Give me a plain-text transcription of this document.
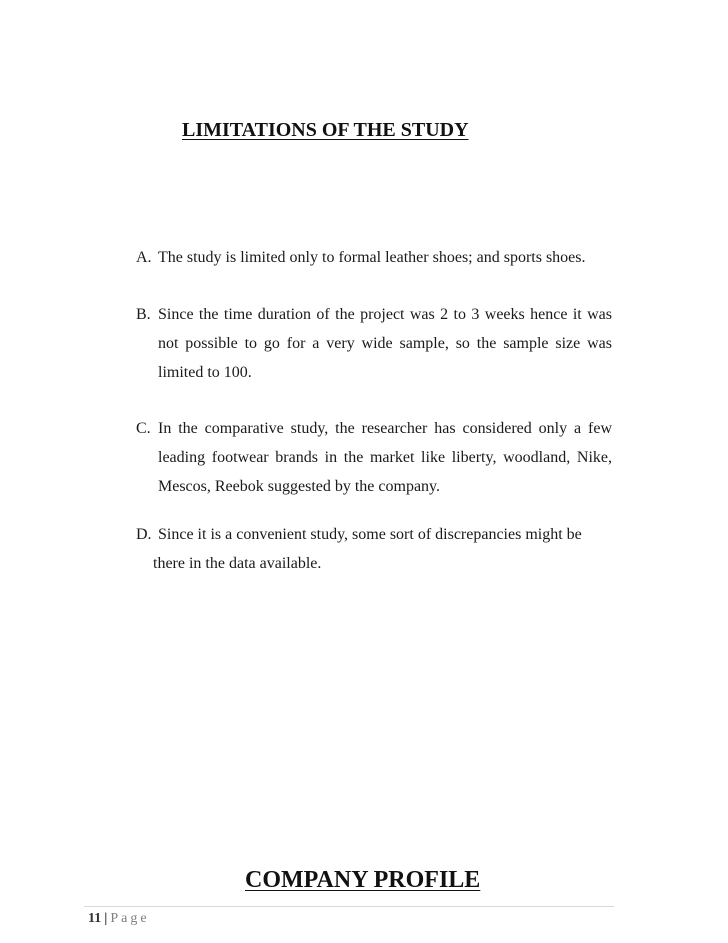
LIMITATIONS OF THE STUDY
A. The study is limited only to formal leather shoes; and sports shoes.
B. Since the time duration of the project was 2 to 3 weeks hence it was
not possible to go for a very wide sample, so the sample size was
limited to 100.
C. In the comparative study, the researcher has considered only a few
leading footwear brands in the market like liberty, woodland, Nike,
Mescos, Reebok suggested by the company.
D. Since it is a convenient study, some sort of discrepancies might be
there in the data available.
COMPANY PROFILE
11 | Page
